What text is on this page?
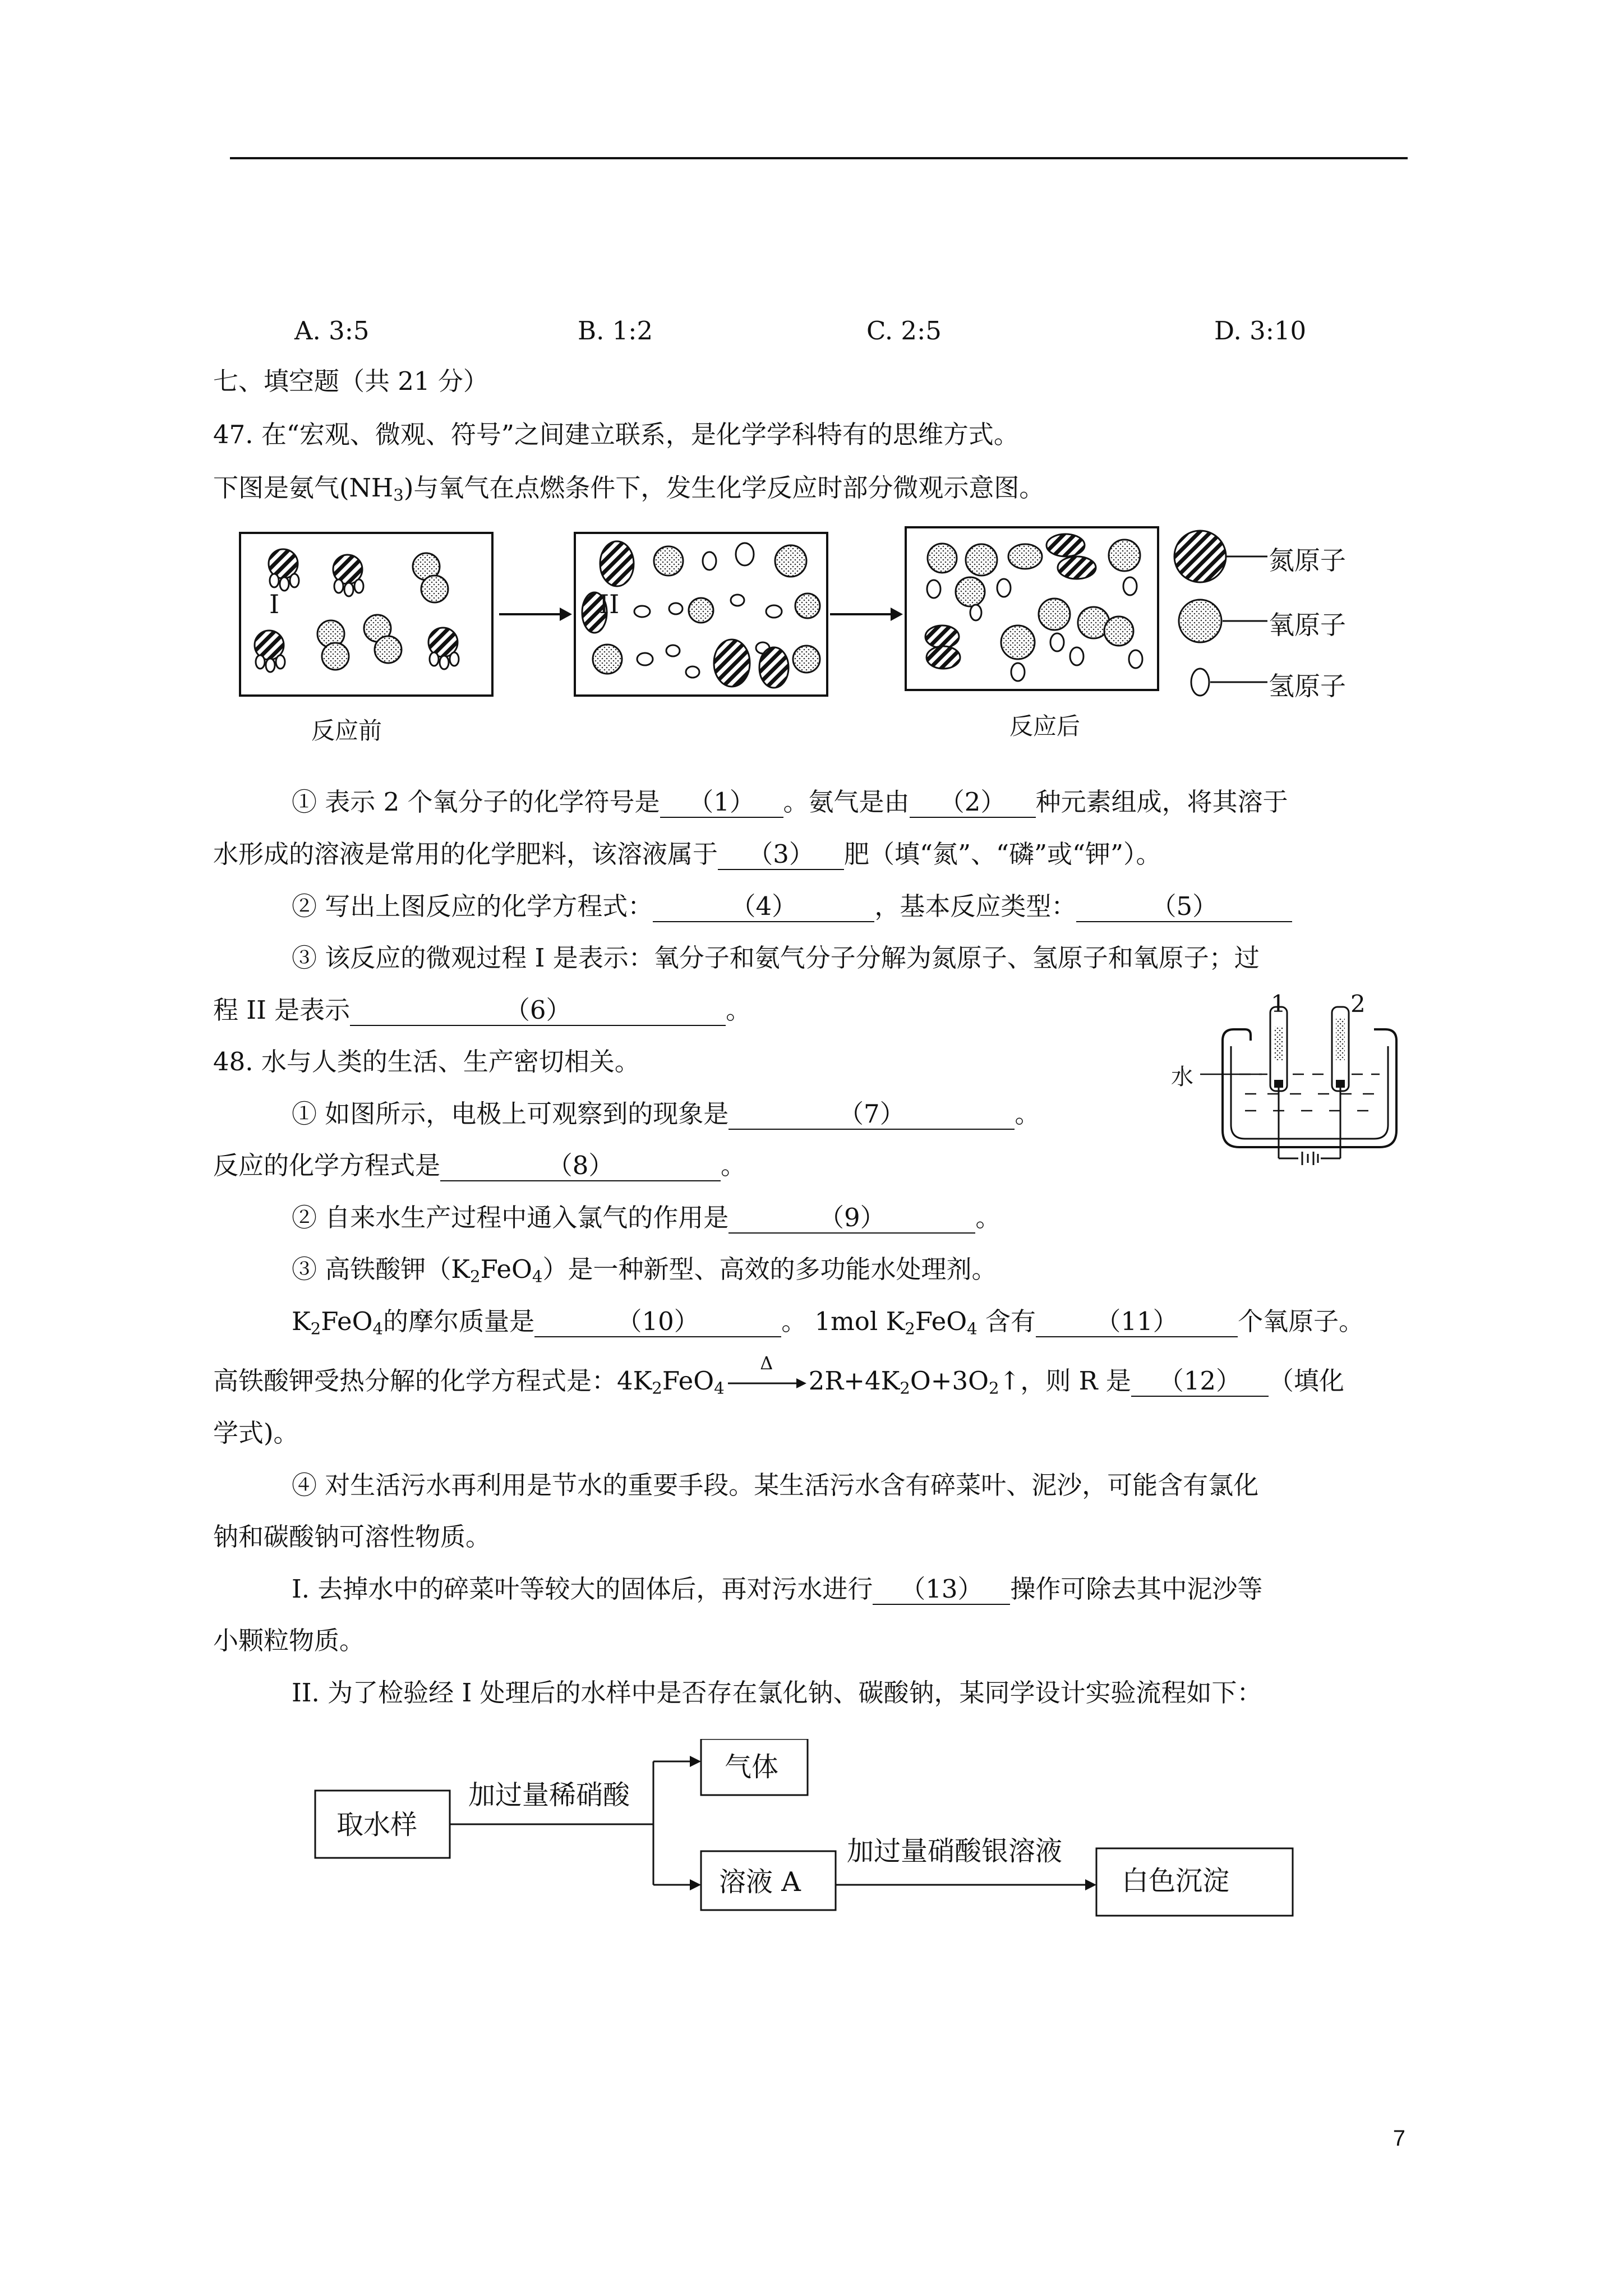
A. 3:5	B. 1:2	C. 2:5	D. 3:10
七、填空题（共 21 分）
47. 在“宏观、微观、符号”之间建立联系，是化学学科特有的思维方式。
下图是氨气$(NH_3)$与氧气在点燃条件下，发生化学反应时部分微观示意图。
I	II
氮原子
氧原子
氢原子
反应前	反应后
① 表示 2 个氧分子的化学符号是 （1） 。氨气是由 （2） 种元素组成，将其溶于
水形成的溶液是常用的化学肥料，该溶液属于 （3） 肥（填“氮”、“磷”或“钾”）。
② 写出上图反应的化学方程式：	（4）	，基本反应类型：	（5）
③ 该反应的微观过程 I 是表示：氧分子和氨气分子分解为氮原子、氢原子和氧原子；过
程 II 是表示	（6）	。	1	2
水
48. 水与人类的生活、生产密切相关。
① 如图所示，电极上可观察到的现象是	（7）	。
反应的化学方程式是	（8）	。
② 自来水生产过程中通入氯气的作用是	（9）	。
③ 高铁酸钾$(K_2FeO_4)$是一种新型、高效的多功能水处理剂。
$K_2FeO_4$的摩尔质量是	（10）	。 1mol $K_2FeO_4$ 含有 （11） 个氧原子。
高铁酸钾受热分解的化学方程式是：$4K_2FeO_4$
Δ
$2R+4K_2O+3O_2↑$，则 R 是 （12） （填化
学式)。
④ 对生活污水再利用是节水的重要手段。某生活污水含有碎菜叶、泥沙，可能含有氯化
钠和碳酸钠可溶性物质。
I. 去掉水中的碎菜叶等较大的固体后，再对污水进行 （13） 操作可除去其中泥沙等
小颗粒物质。
II. 为了检验经 I 处理后的水样中是否存在氯化钠、碳酸钠，某同学设计实验流程如下：
取水样
加过量稀硝酸
气体
溶液 A
加过量硝酸银溶液
白色沉淀
7
